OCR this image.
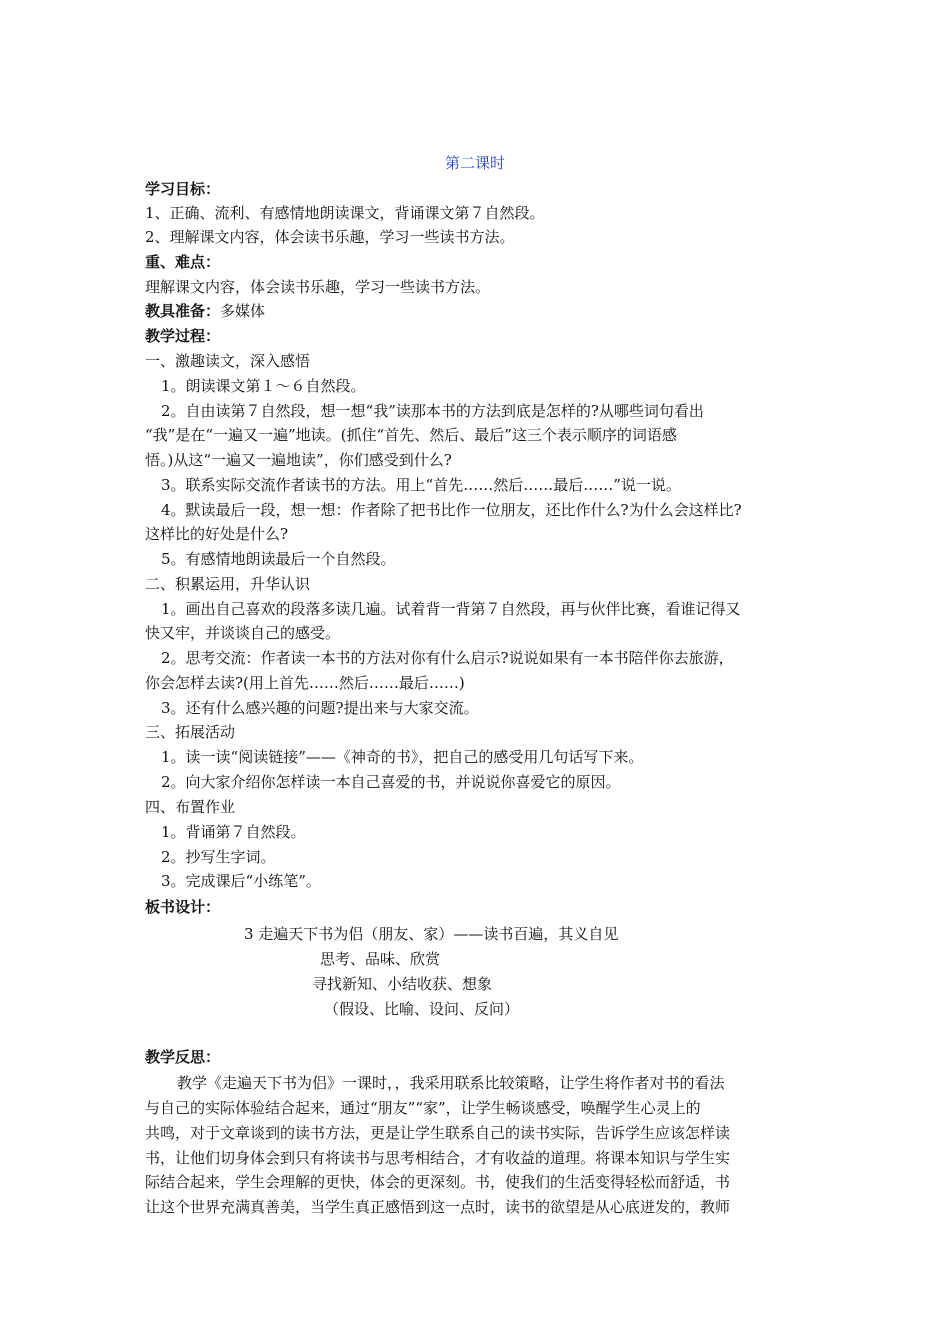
第二课时
学习目标：
1、正确、流利、有感情地朗读课文，背诵课文第７自然段。
2、理解课文内容，体会读书乐趣，学习一些读书方法。
重、难点：
理解课文内容，体会读书乐趣，学习一些读书方法。
教具准备：多媒体
教学过程：
一、激趣读文，深入感悟
1。朗读课文第１～６自然段。
2。自由读第７自然段，想一想“我”读那本书的方法到底是怎样的?从哪些词句看出
“我”是在“一遍又一遍”地读。(抓住“首先、然后、最后”这三个表示顺序的词语感
悟。)从这“一遍又一遍地读”，你们感受到什么?
3。联系实际交流作者读书的方法。用上“首先……然后……最后……”说一说。
4。默读最后一段，想一想：作者除了把书比作一位朋友，还比作什么?为什么会这样比?
这样比的好处是什么?
5。有感情地朗读最后一个自然段。
二、积累运用，升华认识
1。画出自己喜欢的段落多读几遍。试着背一背第７自然段，再与伙伴比赛，看谁记得又
快又牢，并谈谈自己的感受。
2。思考交流：作者读一本书的方法对你有什么启示?说说如果有一本书陪伴你去旅游，
你会怎样去读?(用上首先……然后……最后……)
3。还有什么感兴趣的问题?提出来与大家交流。
三、拓展活动
1。读一读“阅读链接”——《神奇的书》，把自己的感受用几句话写下来。
2。向大家介绍你怎样读一本自己喜爱的书，并说说你喜爱它的原因。
四、布置作业
1。背诵第７自然段。
2。抄写生字词。
3。完成课后“小练笔”。
板书设计：
3 走遍天下书为侣（朋友、家）——读书百遍，其义自见
思考、品味、欣赏
寻找新知、小结收获、想象
（假设、比喻、设问、反问）
教学反思：
教学《走遍天下书为侣》一课时，，我采用联系比较策略，让学生将作者对书的看法
与自己的实际体验结合起来，通过“朋友”“家”，让学生畅谈感受，唤醒学生心灵上的
共鸣，对于文章谈到的读书方法，更是让学生联系自己的读书实际，告诉学生应该怎样读
书，让他们切身体会到只有将读书与思考相结合，才有收益的道理。将课本知识与学生实
际结合起来，学生会理解的更快，体会的更深刻。书，使我们的生活变得轻松而舒适，书
让这个世界充满真善美，当学生真正感悟到这一点时，读书的欲望是从心底迸发的，教师
